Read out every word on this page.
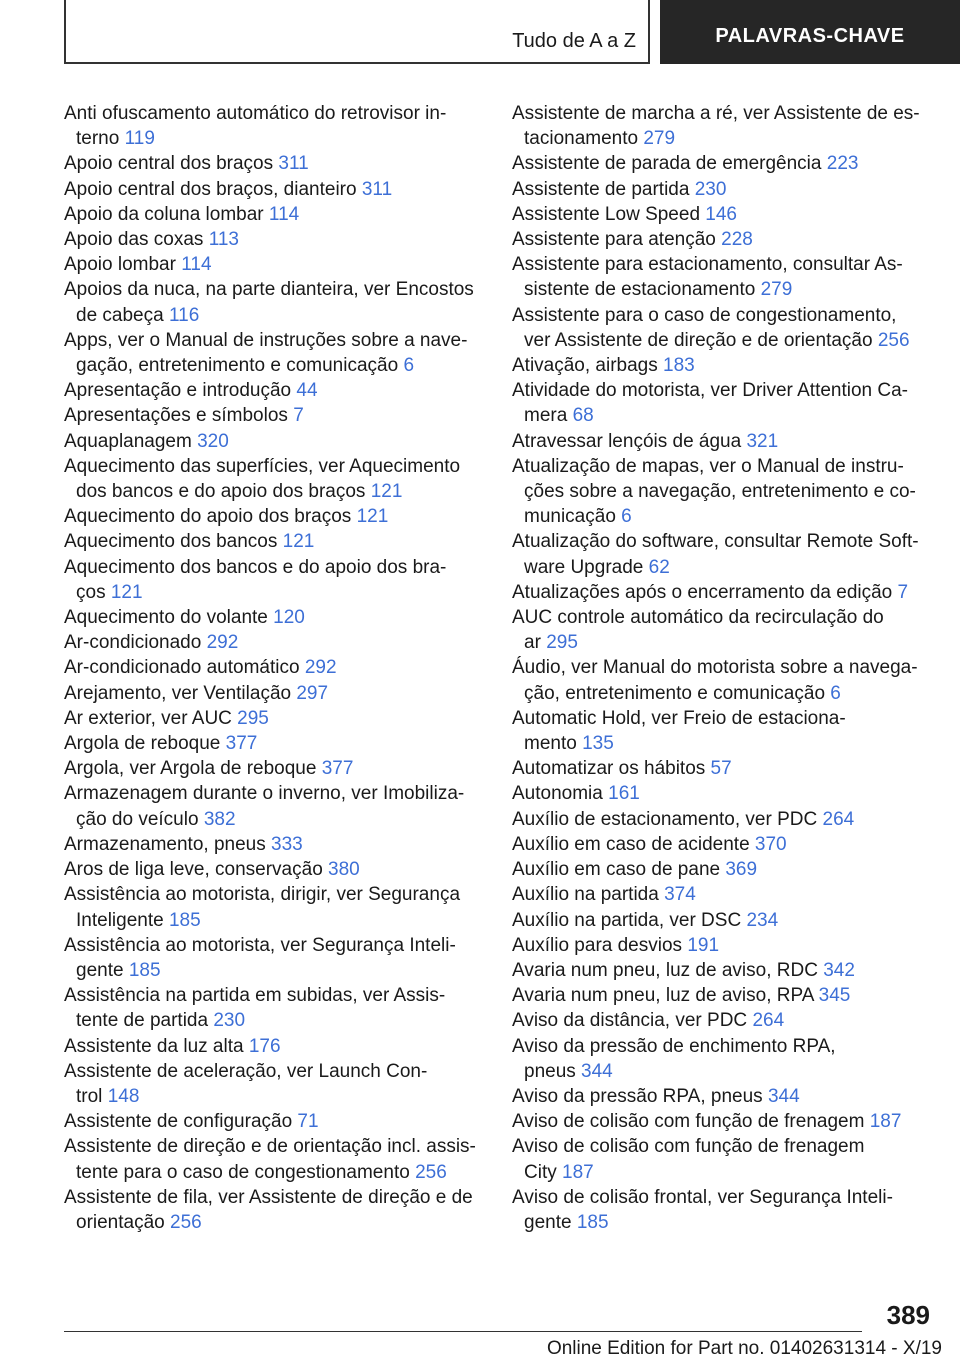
Tudo de A a Z	PALAVRAS-CHAVE
Anti ofuscamento automático do retrovisor in-
terno 119
Apoio central dos braços 311
Apoio central dos braços, dianteiro 311
Apoio da coluna lombar 114
Apoio das coxas 113
Apoio lombar 114
Apoios da nuca, na parte dianteira, ver Encostos
de cabeça 116
Apps, ver o Manual de instruções sobre a nave-
gação, entretenimento e comunicação 6
Apresentação e introdução 44
Apresentações e símbolos 7
Aquaplanagem 320
Aquecimento das superfícies, ver Aquecimento
dos bancos e do apoio dos braços 121
Aquecimento do apoio dos braços 121
Aquecimento dos bancos 121
Aquecimento dos bancos e do apoio dos bra-
ços 121
Aquecimento do volante 120
Ar-condicionado 292
Ar-condicionado automático 292
Arejamento, ver Ventilação 297
Ar exterior, ver AUC 295
Argola de reboque 377
Argola, ver Argola de reboque 377
Armazenagem durante o inverno, ver Imobiliza-
ção do veículo 382
Armazenamento, pneus 333
Aros de liga leve, conservação 380
Assistência ao motorista, dirigir, ver Segurança
Inteligente 185
Assistência ao motorista, ver Segurança Inteli-
gente 185
Assistência na partida em subidas, ver Assis-
tente de partida 230
Assistente da luz alta 176
Assistente de aceleração, ver Launch Con-
trol 148
Assistente de configuração 71
Assistente de direção e de orientação incl. assis-
tente para o caso de congestionamento 256
Assistente de fila, ver Assistente de direção e de
orientação 256
Assistente de marcha a ré, ver Assistente de es-
tacionamento 279
Assistente de parada de emergência 223
Assistente de partida 230
Assistente Low Speed 146
Assistente para atenção 228
Assistente para estacionamento, consultar As-
sistente de estacionamento 279
Assistente para o caso de congestionamento,
ver Assistente de direção e de orientação 256
Ativação, airbags 183
Atividade do motorista, ver Driver Attention Ca-
mera 68
Atravessar lençóis de água 321
Atualização de mapas, ver o Manual de instru-
ções sobre a navegação, entretenimento e co-
municação 6
Atualização do software, consultar Remote Soft-
ware Upgrade 62
Atualizações após o encerramento da edição 7
AUC controle automático da recirculação do
ar 295
Áudio, ver Manual do motorista sobre a navega-
ção, entretenimento e comunicação 6
Automatic Hold, ver Freio de estaciona-
mento 135
Automatizar os hábitos 57
Autonomia 161
Auxílio de estacionamento, ver PDC 264
Auxílio em caso de acidente 370
Auxílio em caso de pane 369
Auxílio na partida 374
Auxílio na partida, ver DSC 234
Auxílio para desvios 191
Avaria num pneu, luz de aviso, RDC 342
Avaria num pneu, luz de aviso, RPA 345
Aviso da distância, ver PDC 264
Aviso da pressão de enchimento RPA,
pneus 344
Aviso da pressão RPA, pneus 344
Aviso de colisão com função de frenagem 187
Aviso de colisão com função de frenagem
City 187
Aviso de colisão frontal, ver Segurança Inteli-
gente 185
389
Online Edition for Part no. 01402631314 - X/19
